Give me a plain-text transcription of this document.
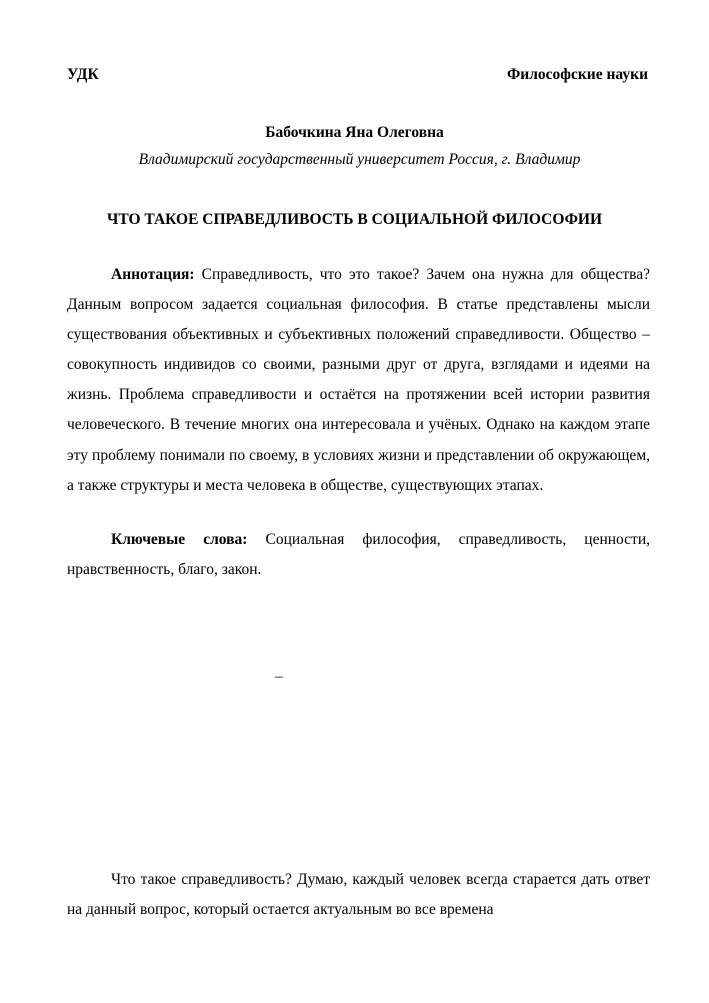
УДК	Философские науки
Бабочкина Яна Олеговна
Владимирский государственный университет Россия, г. Владимир
ЧТО ТАКОЕ СПРАВЕДЛИВОСТЬ В СОЦИАЛЬНОЙ ФИЛОСОФИИ
Аннотация: Справедливость, что это такое? Зачем она нужна для общества? Данным вопросом задается социальная философия. В статье представлены мысли существования объективных и субъективных положений справедливости. Общество – совокупность индивидов со своими, разными друг от друга, взглядами и идеями на жизнь. Проблема справедливости и остаётся на протяжении всей истории развития человеческого. В течение многих она интересовала и учёных. Однако на каждом этапе эту проблему понимали по своему, в условиях жизни и представлении об окружающем, а также структуры и места человека в обществе, существующих этапах.
Ключевые слова: Социальная философия, справедливость, ценности, нравственность, благо, закон.
–
Что такое справедливость? Думаю, каждый человек всегда старается дать ответ на данный вопрос, который остается актуальным во все времена
